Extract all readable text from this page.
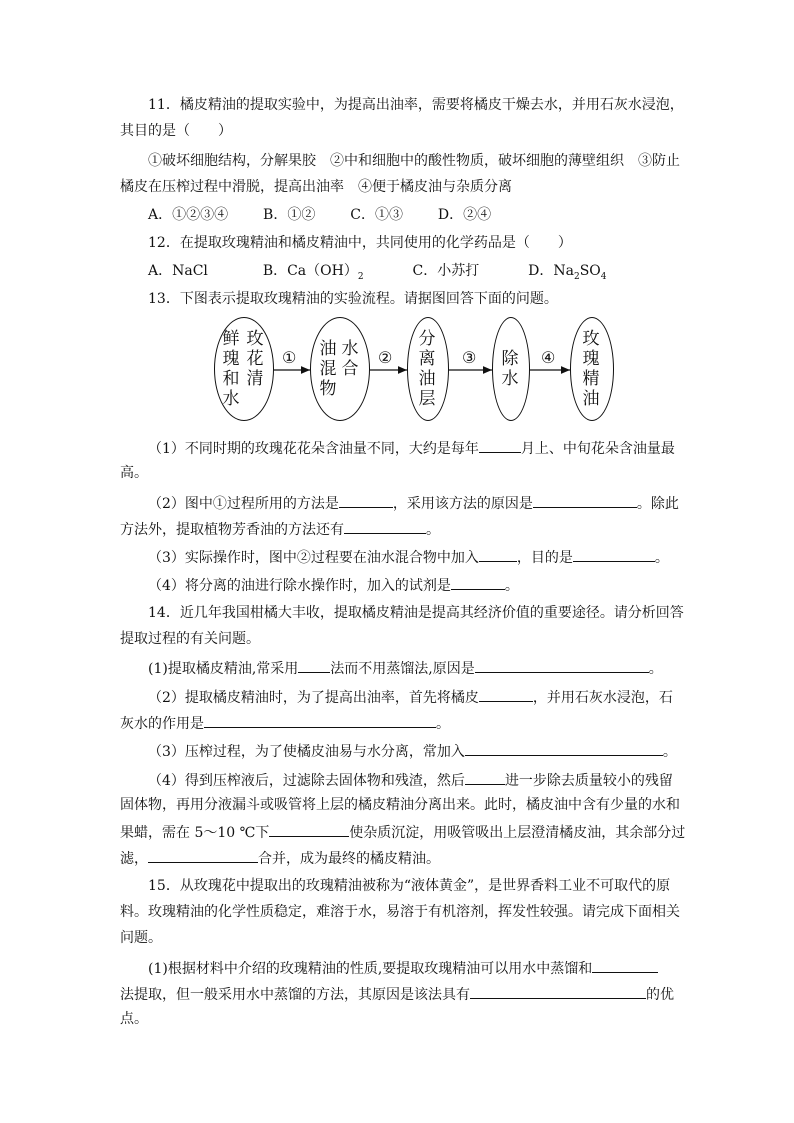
11．橘皮精油的提取实验中，为提高出油率，需要将橘皮干燥去水，并用石灰水浸泡，
其目的是（　　）
①破坏细胞结构，分解果胶　②中和细胞中的酸性物质，破坏细胞的薄壁组织　③防止
橘皮在压榨过程中滑脱，提高出油率　④便于橘皮油与杂质分离
A．①②③④ B．①② C．①③ D．②④
12．在提取玫瑰精油和橘皮精油中，共同使用的化学药品是（　　）
A．NaCl	B．$Ca(OH)_2$	C．小苏打	D．$Na_2SO_4$
13．下图表示提取玫瑰精油的实验流程。请据图回答下面的问题。
鲜
瑰
和
水
玫
花
清
油
混
物
水
合
分
离
油
层
除
水
玫
瑰
精
油
①	②	③	④
（1）不同时期的玫瑰花花朵含油量不同，大约是每年	月上、中旬花朵含油量最
高。
（2）图中①过程所用的方法是	，采用该方法的原因是	。除此
方法外，提取植物芳香油的方法还有	。
（3）实际操作时，图中②过程要在油水混合物中加入	，目的是	。
（4）将分离的油进行除水操作时，加入的试剂是	。
14．近几年我国柑橘大丰收，提取橘皮精油是提高其经济价值的重要途径。请分析回答
提取过程的有关问题。
(1)提取橘皮精油,常采用 法而不用蒸馏法,原因是	。
（2）提取橘皮精油时，为了提高出油率，首先将橘皮	，并用石灰水浸泡，石
灰水的作用是	。
（3）压榨过程，为了使橘皮油易与水分离，常加入	。
（4）得到压榨液后，过滤除去固体物和残渣，然后	进一步除去质量较小的残留
固体物，再用分液漏斗或吸管将上层的橘皮精油分离出来。此时，橘皮油中含有少量的水和
果蜡，需在 5～10 ℃下	使杂质沉淀，用吸管吸出上层澄清橘皮油，其余部分过
滤，	合并，成为最终的橘皮精油。
15．从玫瑰花中提取出的玫瑰精油被称为“液体黄金”，是世界香料工业不可取代的原
料。玫瑰精油的化学性质稳定，难溶于水，易溶于有机溶剂，挥发性较强。请完成下面相关
问题。
(1)根据材料中介绍的玫瑰精油的性质,要提取玫瑰精油可以用水中蒸馏和
法提取，但一般采用水中蒸馏的方法，其原因是该法具有	的优
点。
